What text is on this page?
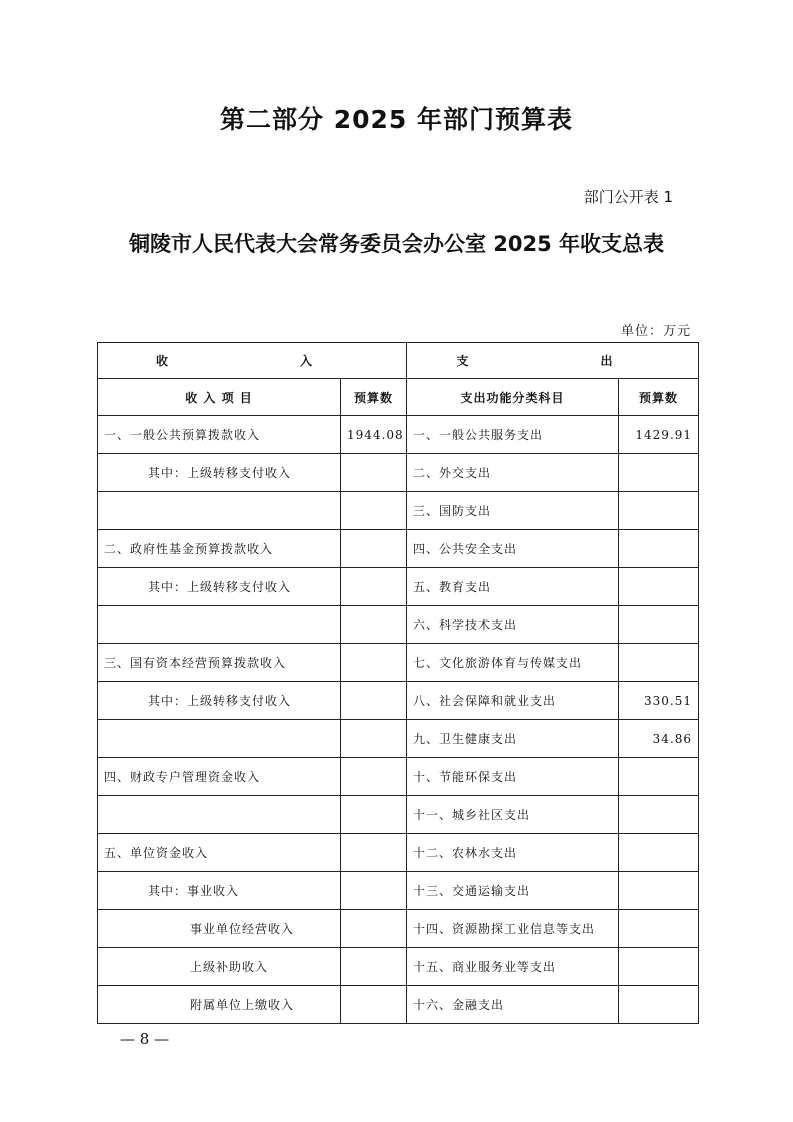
第二部分 2025 年部门预算表
部门公开表 1
铜陵市人民代表大会常务委员会办公室 2025 年收支总表
单位：万元
收　　入		支　　出	
收 入 项 目	预算数	支出功能分类科目	预算数
一、一般公共预算拨款收入	1944.08	一、一般公共服务支出	1429.91
其中：上级转移支付收入		二、外交支出	
		三、国防支出	
二、政府性基金预算拨款收入		四、公共安全支出	
其中：上级转移支付收入		五、教育支出	
		六、科学技术支出	
三、国有资本经营预算拨款收入		七、文化旅游体育与传媒支出	
其中：上级转移支付收入		八、社会保障和就业支出	330.51
		九、卫生健康支出	34.86
四、财政专户管理资金收入		十、节能环保支出	
		十一、城乡社区支出	
五、单位资金收入		十二、农林水支出	
其中：事业收入		十三、交通运输支出	
事业单位经营收入		十四、资源勘探工业信息等支出	
上级补助收入		十五、商业服务业等支出	
附属单位上缴收入		十六、金融支出	
— 8 —
